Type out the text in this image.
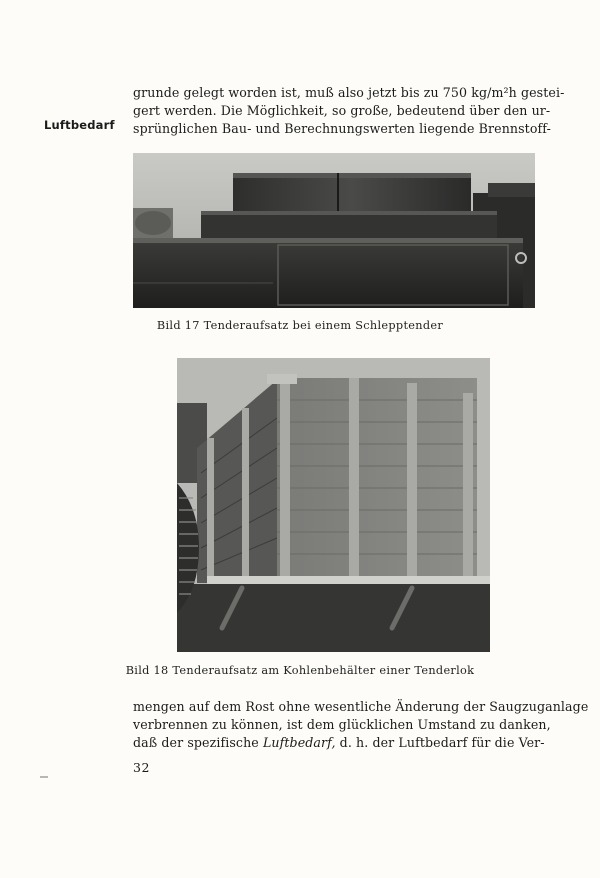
grunde gelegt worden ist, muß also jetzt bis zu 750 kg/m²h gestei-
gert werden. Die Möglichkeit, so große, bedeutend über den ur-
sprünglichen Bau- und Berechnungswerten liegende Brennstoff-
Luftbedarf
Bild 17 Tenderaufsatz bei einem Schlepptender
Bild 18 Tenderaufsatz am Kohlenbehälter einer Tenderlok
mengen auf dem Rost ohne wesentliche Änderung der Saugzuganlage
verbrennen zu können, ist dem glücklichen Umstand zu danken,
daß der spezifische Luftbedarf, d. h. der Luftbedarf für die Ver-
32
